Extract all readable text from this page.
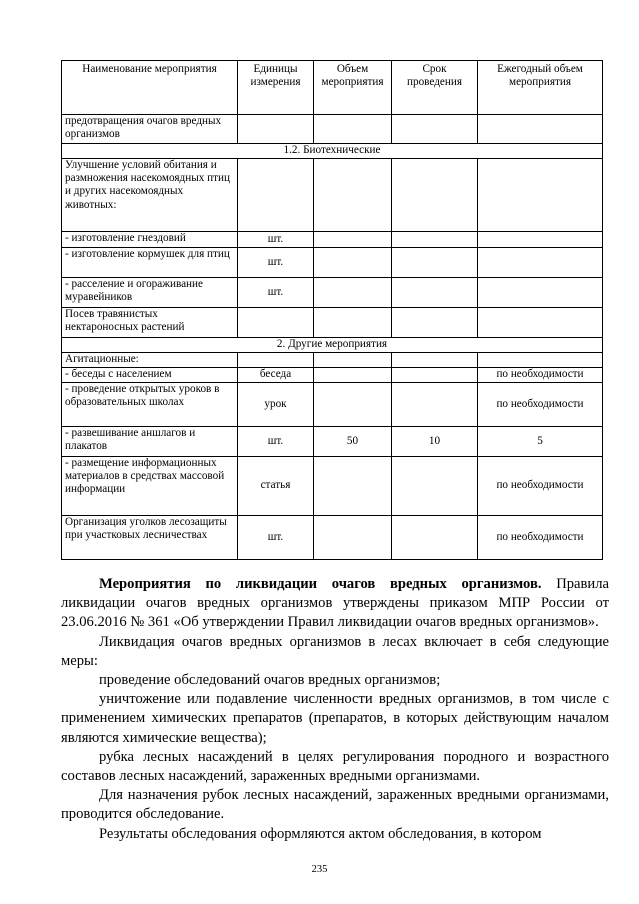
Наименование мероприятия	Единицы измерения	Объем мероприятия	Срок проведения	Ежегодный объем мероприятия
предотвращения очагов вредных организмов				
1.2. Биотехнические				
Улучшение условий обитания и размножения насекомоядных птиц и других насекомоядных животных:				
- изготовление гнездовий	шт.			
- изготовление кормушек для птиц	шт.			
- расселение и огораживание муравейников	шт.			
Посев травянистых нектароносных растений				
2. Другие мероприятия				
Агитационные:				
- беседы с населением	беседа			по необходимости
- проведение открытых уроков в образовательных школах	урок			по необходимости
- развешивание аншлагов и плакатов	шт.	50	10	5
- размещение информационных материалов в средствах массовой информации	статья			по необходимости
Организация уголков лесозащиты при участковых лесничествах	шт.			по необходимости

Мероприятия по ликвидации очагов вредных организмов. Правила ликвидации очагов вредных организмов утверждены приказом МПР России от 23.06.2016 № 361 «Об утверждении Правил ликвидации очагов вредных организмов».

Ликвидация очагов вредных организмов в лесах включает в себя следующие меры:

проведение обследований очагов вредных организмов;

уничтожение или подавление численности вредных организмов, в том числе с применением химических препаратов (препаратов, в которых действующим началом являются химические вещества);

рубка лесных насаждений в целях регулирования породного и возрастного составов лесных насаждений, зараженных вредными организмами.

Для назначения рубок лесных насаждений, зараженных вредными организмами, проводится обследование.

Результаты обследования оформляются актом обследования, в котором

235
